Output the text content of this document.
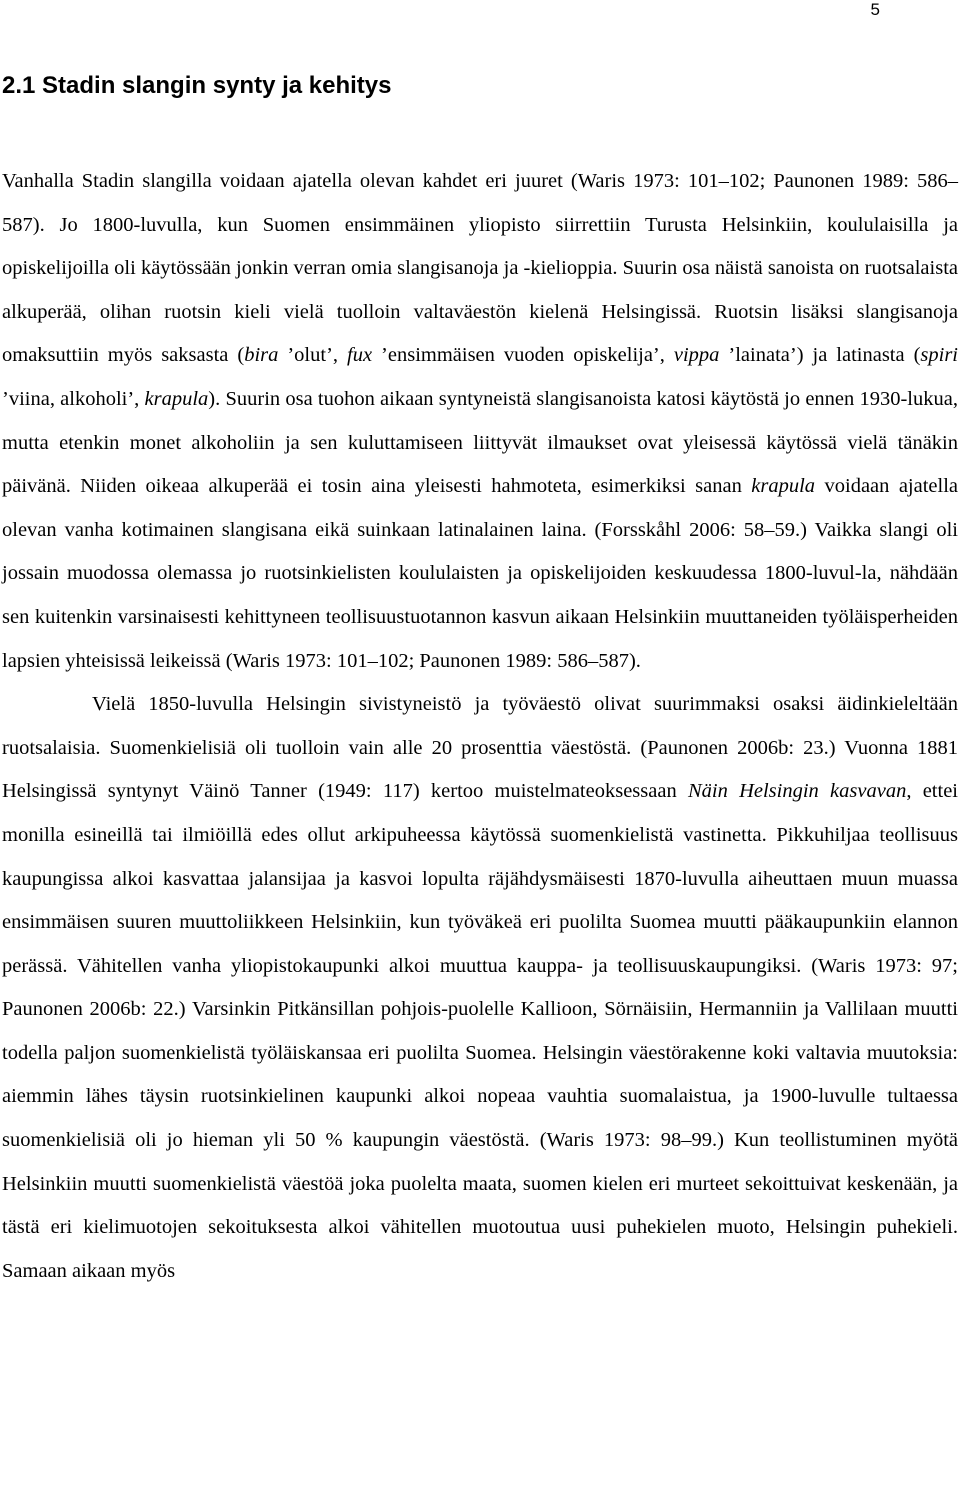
5
2.1 Stadin slangin synty ja kehitys

Vanhalla Stadin slangilla voidaan ajatella olevan kahdet eri juuret (Waris 1973: 101–102; Paunonen 1989: 586–587). Jo 1800-luvulla, kun Suomen ensimmäinen yliopisto siirrettiin Turusta Helsinkiin, koululaisilla ja opiskelijoilla oli käytössään jonkin verran omia slangisanoja ja -kielioppia. Suurin osa näistä sanoista on ruotsalaista alkuperää, olihan ruotsin kieli vielä tuolloin valtaväestön kielenä Helsingissä. Ruotsin lisäksi slangisanoja omaksuttiin myös saksasta (bira ’olut’, fux ’ensimmäisen vuoden opiskelija’, vippa ’lainata’) ja latinasta (spiri ’viina, alkoholi’, krapula). Suurin osa tuohon aikaan syntyneistä slangisanoista katosi käytöstä jo ennen 1930-lukua, mutta etenkin monet alkoholiin ja sen kuluttamiseen liittyvät ilmaukset ovat yleisessä käytössä vielä tänäkin päivänä. Niiden oikeaa alkuperää ei tosin aina yleisesti hahmoteta, esimerkiksi sanan krapula voidaan ajatella olevan vanha kotimainen slangisana eikä suinkaan latinalainen laina. (Forsskåhl 2006: 58–59.) Vaikka slangi oli jossain muodossa olemassa jo ruotsinkielisten koululaisten ja opiskelijoiden keskuudessa 1800-luvul-la, nähdään sen kuitenkin varsinaisesti kehittyneen teollisuustuotannon kasvun aikaan Helsinkiin muuttaneiden työläisperheiden lapsien yhteisissä leikeissä (Waris 1973: 101–102; Paunonen 1989: 586–587).

Vielä 1850-luvulla Helsingin sivistyneistö ja työväestö olivat suurimmaksi osaksi äidinkieleltään ruotsalaisia. Suomenkielisiä oli tuolloin vain alle 20 prosenttia väestöstä. (Paunonen 2006b: 23.) Vuonna 1881 Helsingissä syntynyt Väinö Tanner (1949: 117) kertoo muistelmateoksessaan Näin Helsingin kasvavan, ettei monilla esineillä tai ilmiöillä edes ollut arkipuheessa käytössä suomenkielistä vastinetta. Pikkuhiljaa teollisuus kaupungissa alkoi kasvattaa jalansijaa ja kasvoi lopulta räjähdysmäisesti 1870-luvulla aiheuttaen muun muassa ensimmäisen suuren muuttoliikkeen Helsinkiin, kun työväkeä eri puolilta Suomea muutti pääkaupunkiin elannon perässä. Vähitellen vanha yliopistokaupunki alkoi muuttua kauppa- ja teollisuuskaupungiksi. (Waris 1973: 97; Paunonen 2006b: 22.) Varsinkin Pitkänsillan pohjois-puolelle Kallioon, Sörnäisiin, Hermanniin ja Vallilaan muutti todella paljon suomenkielistä työläiskansaa eri puolilta Suomea. Helsingin väestörakenne koki valtavia muutoksia: aiemmin lähes täysin ruotsinkielinen kaupunki alkoi nopeaa vauhtia suomalaistua, ja 1900-luvulle tultaessa suomenkielisiä oli jo hieman yli 50 % kaupungin väestöstä. (Waris 1973: 98–99.) Kun teollistuminen myötä Helsinkiin muutti suomenkielistä väestöä joka puolelta maata, suomen kielen eri murteet sekoittuivat keskenään, ja tästä eri kielimuotojen sekoituksesta alkoi vähitellen muotoutua uusi puhekielen muoto, Helsingin puhekieli. Samaan aikaan myös
